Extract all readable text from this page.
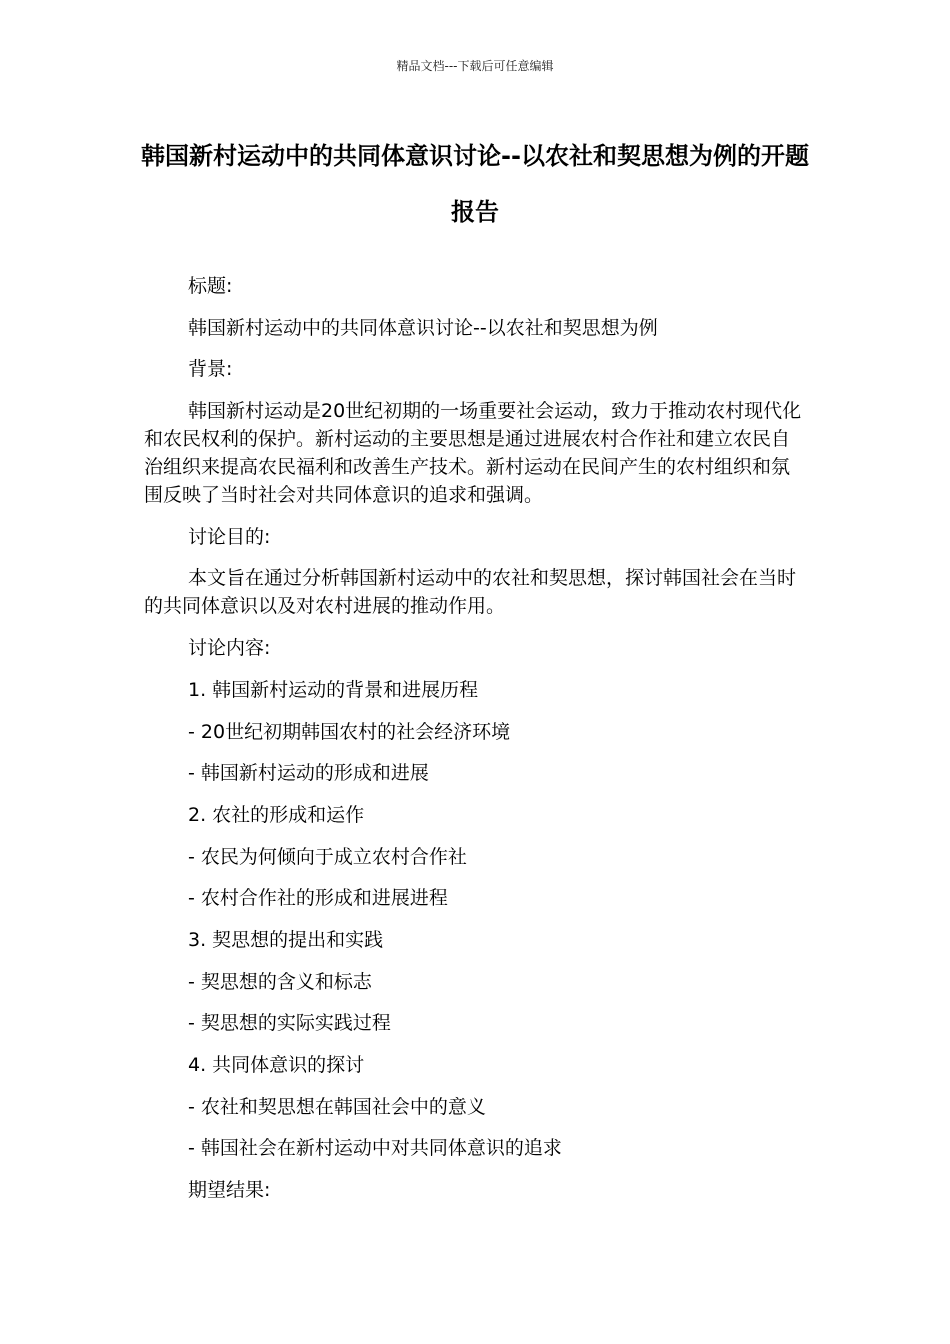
精品文档---下载后可任意编辑
韩国新村运动中的共同体意识讨论--以农社和契思想为例的开题报告

标题:

韩国新村运动中的共同体意识讨论--以农社和契思想为例

背景:

韩国新村运动是20世纪初期的一场重要社会运动，致力于推动农村现代化和农民权利的保护。新村运动的主要思想是通过进展农村合作社和建立农民自治组织来提高农民福利和改善生产技术。新村运动在民间产生的农村组织和氛围反映了当时社会对共同体意识的追求和强调。

讨论目的:

本文旨在通过分析韩国新村运动中的农社和契思想，探讨韩国社会在当时的共同体意识以及对农村进展的推动作用。

讨论内容:

1. 韩国新村运动的背景和进展历程

- 20世纪初期韩国农村的社会经济环境

- 韩国新村运动的形成和进展

2. 农社的形成和运作

- 农民为何倾向于成立农村合作社

- 农村合作社的形成和进展进程

3. 契思想的提出和实践

- 契思想的含义和标志

- 契思想的实际实践过程

4. 共同体意识的探讨

- 农社和契思想在韩国社会中的意义

- 韩国社会在新村运动中对共同体意识的追求

期望结果:
